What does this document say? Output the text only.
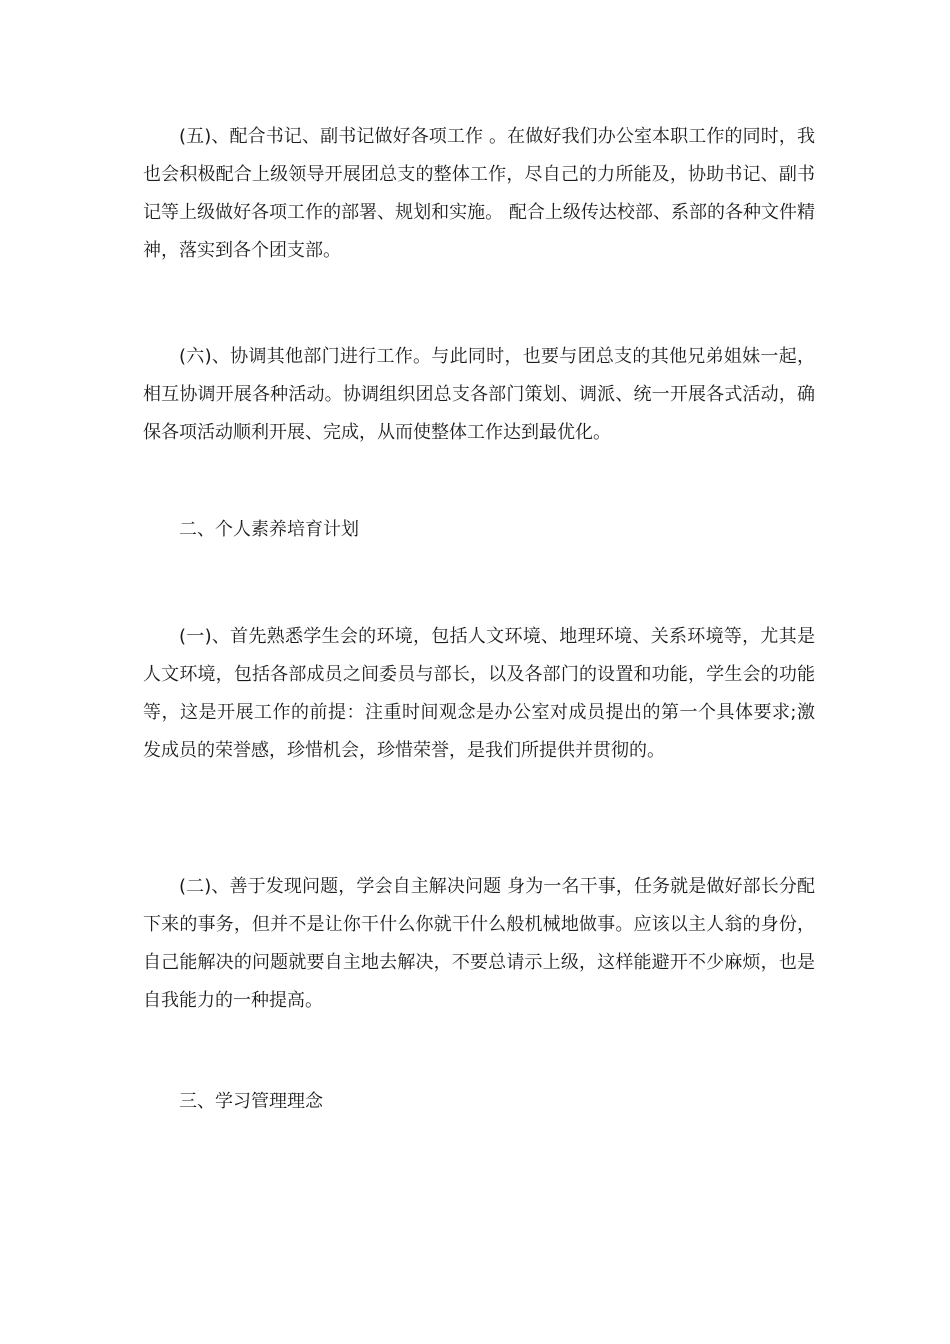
(五)、配合书记、副书记做好各项工作 。在做好我们办公室本职工作的同时，我也会积极配合上级领导开展团总支的整体工作，尽自己的力所能及，协助书记、副书记等上级做好各项工作的部署、规划和实施。 配合上级传达校部、系部的各种文件精神，落实到各个团支部。

(六)、协调其他部门进行工作。与此同时，也要与团总支的其他兄弟姐妹一起，相互协调开展各种活动。协调组织团总支各部门策划、调派、统一开展各式活动，确保各项活动顺利开展、完成，从而使整体工作达到最优化。

二、个人素养培育计划

(一)、首先熟悉学生会的环境，包括人文环境、地理环境、关系环境等，尤其是人文环境，包括各部成员之间委员与部长，以及各部门的设置和功能，学生会的功能等，这是开展工作的前提：注重时间观念是办公室对成员提出的第一个具体要求;激发成员的荣誉感，珍惜机会，珍惜荣誉，是我们所提供并贯彻的。

(二)、善于发现问题，学会自主解决问题 身为一名干事，任务就是做好部长分配下来的事务，但并不是让你干什么你就干什么般机械地做事。应该以主人翁的身份，自己能解决的问题就要自主地去解决，不要总请示上级，这样能避开不少麻烦，也是自我能力的一种提高。

三、学习管理理念
